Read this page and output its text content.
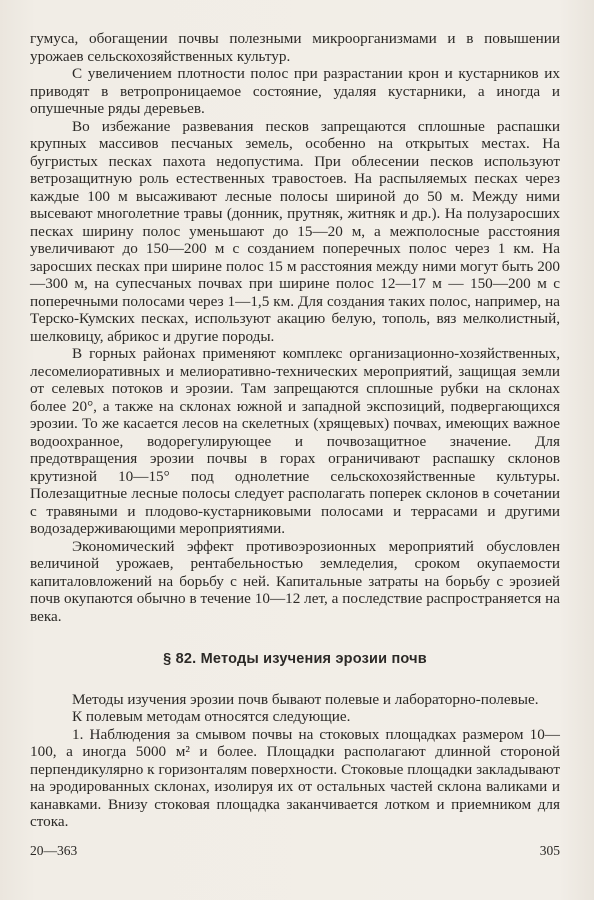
гумуса, обогащении почвы полезными микроорганизмами и в повышении урожаев сельскохозяйственных культур.

С увеличением плотности полос при разрастании крон и кустарников их приводят в ветропроницаемое состояние, удаляя кустарники, а иногда и опушечные ряды деревьев.

Во избежание развевания песков запрещаются сплошные распашки крупных массивов песчаных земель, особенно на открытых местах. На бугристых песках пахота недопустима. При облесении песков используют ветрозащитную роль естественных травостоев. На распыляемых песках через каждые 100 м высаживают лесные полосы шириной до 50 м. Между ними высевают многолетние травы (донник, прутняк, житняк и др.). На полузаросших песках ширину полос уменьшают до 15—20 м, а межполосные расстояния увеличивают до 150—200 м с созданием поперечных полос через 1 км. На заросших песках при ширине полос 15 м расстояния между ними могут быть 200—300 м, на супесчаных почвах при ширине полос 12—17 м — 150—200 м с поперечными полосами через 1—1,5 км. Для создания таких полос, например, на Терско-Кумских песках, используют акацию белую, тополь, вяз мелколистный, шелковицу, абрикос и другие породы.

В горных районах применяют комплекс организационно-хозяйственных, лесомелиоративных и мелиоративно-технических мероприятий, защищая земли от селевых потоков и эрозии. Там запрещаются сплошные рубки на склонах более 20°, а также на склонах южной и западной экспозиций, подвергающихся эрозии. То же касается лесов на скелетных (хрящевых) почвах, имеющих важное водоохранное, водорегулирующее и почвозащитное значение. Для предотвращения эрозии почвы в горах ограничивают распашку склонов крутизной 10—15° под однолетние сельскохозяйственные культуры. Полезащитные лесные полосы следует располагать поперек склонов в сочетании с травяными и плодово-кустарниковыми полосами и террасами и другими водозадерживающими мероприятиями.

Экономический эффект противоэрозионных мероприятий обусловлен величиной урожаев, рентабельностью земледелия, сроком окупаемости капиталовложений на борьбу с ней. Капитальные затраты на борьбу с эрозией почв окупаются обычно в течение 10—12 лет, а последствие распространяется на века.

§ 82. Методы изучения эрозии почв

Методы изучения эрозии почв бывают полевые и лабораторно-полевые.

К полевым методам относятся следующие.

1. Наблюдения за смывом почвы на стоковых площадках размером 10—100, а иногда 5000 м² и более. Площадки располагают длинной стороной перпендикулярно к горизонталям поверхности. Стоковые площадки закладывают на эродированных склонах, изолируя их от остальных частей склона валиками и канавками. Внизу стоковая площадка заканчивается лотком и приемником для стока.

20—363	305
